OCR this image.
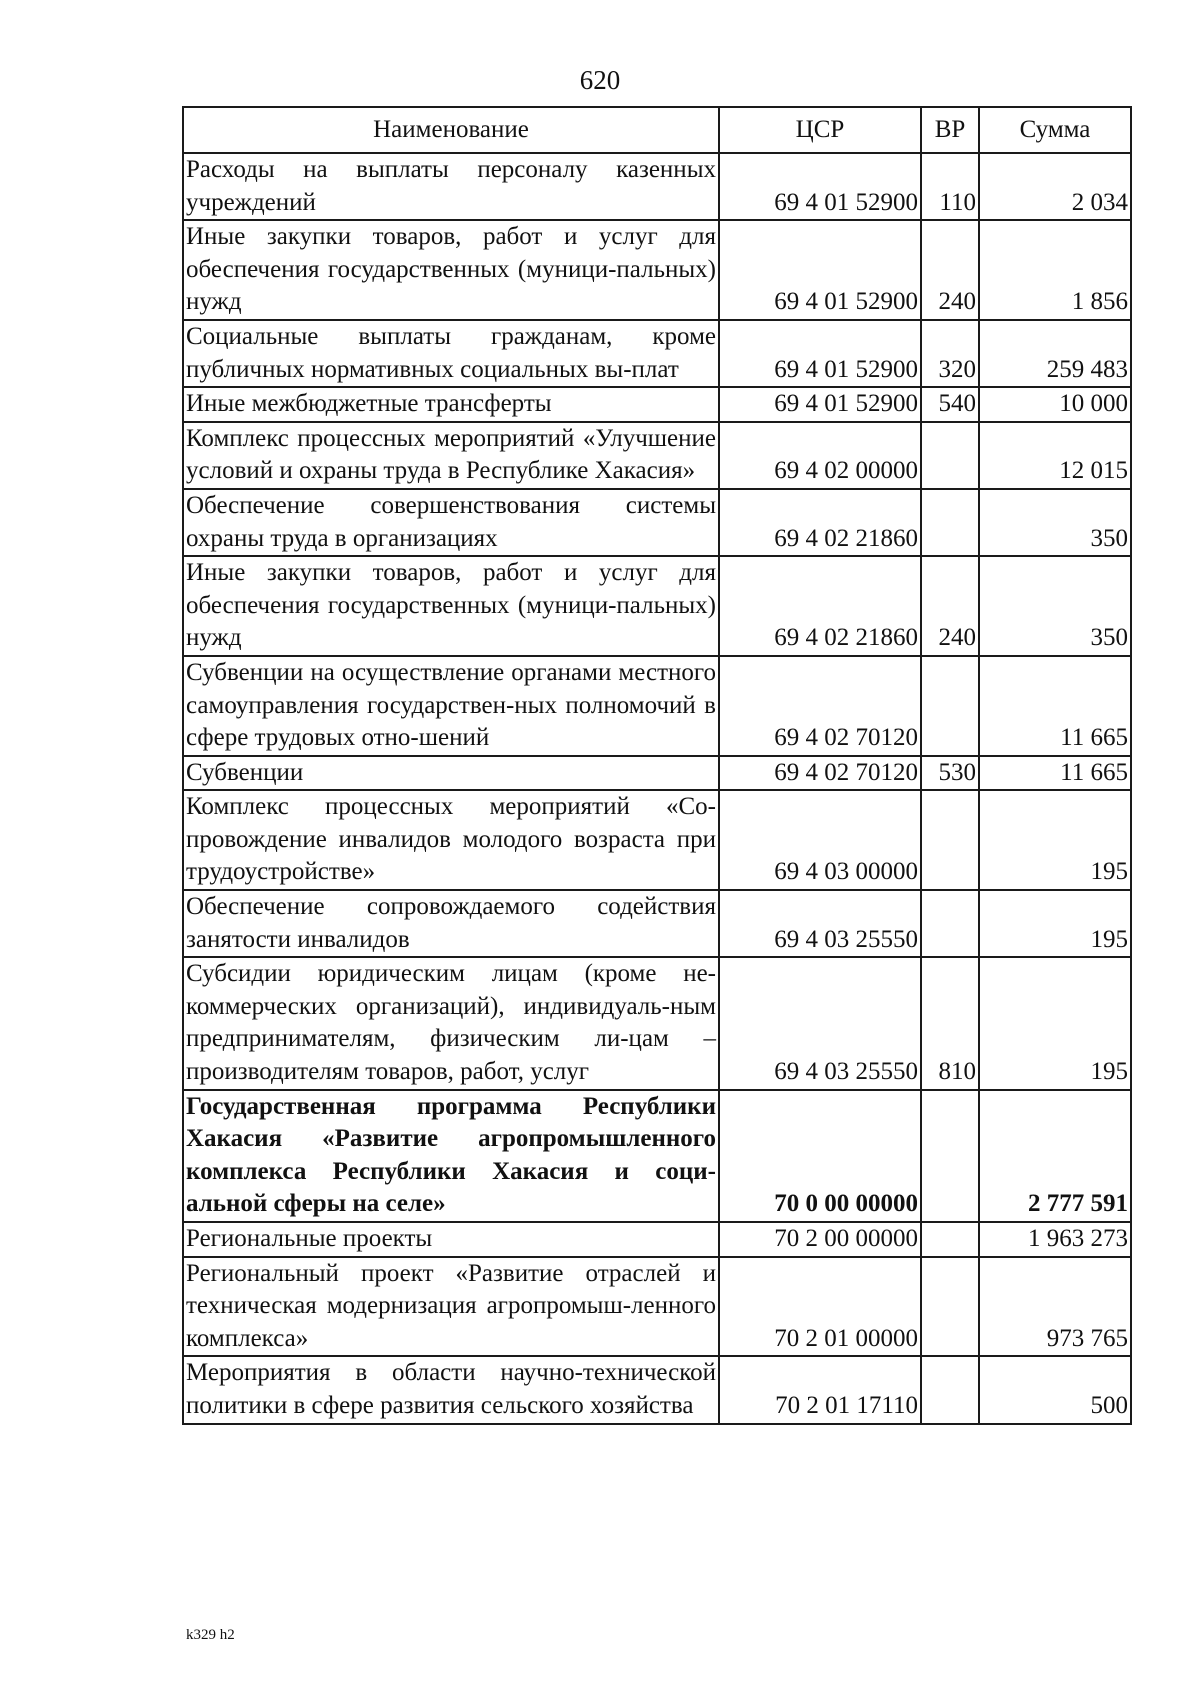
620
Наименование	ЦСР	ВР	Сумма
Расходы на выплаты персоналу казенных учреждений	69 4 01 52900	110	2 034
Иные закупки товаров, работ и услуг для обеспечения государственных (муници-пальных) нужд	69 4 01 52900	240	1 856
Социальные выплаты гражданам, кроме публичных нормативных социальных вы-плат	69 4 01 52900	320	259 483
Иные межбюджетные трансферты	69 4 01 52900	540	10 000
Комплекс процессных мероприятий «Улучшение условий и охраны труда в Республике Хакасия»	69 4 02 00000		12 015
Обеспечение совершенствования системы охраны труда в организациях	69 4 02 21860		350
Иные закупки товаров, работ и услуг для обеспечения государственных (муници-пальных) нужд	69 4 02 21860	240	350
Субвенции на осуществление органами местного самоуправления государствен-ных полномочий в сфере трудовых отно-шений	69 4 02 70120		11 665
Субвенции	69 4 02 70120	530	11 665
Комплекс процессных мероприятий «Со-провождение инвалидов молодого возраста при трудоустройстве»	69 4 03 00000		195
Обеспечение сопровождаемого содействия занятости инвалидов	69 4 03 25550		195
Субсидии юридическим лицам (кроме не-коммерческих организаций), индивидуаль-ным предпринимателям, физическим ли-цам – производителям товаров, работ, услуг	69 4 03 25550	810	195
Государственная программа Республики Хакасия «Развитие агропромышленного комплекса Республики Хакасия и соци-альной сферы на селе»	70 0 00 00000		2 777 591
Региональные проекты	70 2 00 00000		1 963 273
Региональный проект «Развитие отраслей и техническая модернизация агропромыш-ленного комплекса»	70 2 01 00000		973 765
Мероприятия в области научно-технической политики в сфере развития сельского хозяйства	70 2 01 17110		500
k329 h2
